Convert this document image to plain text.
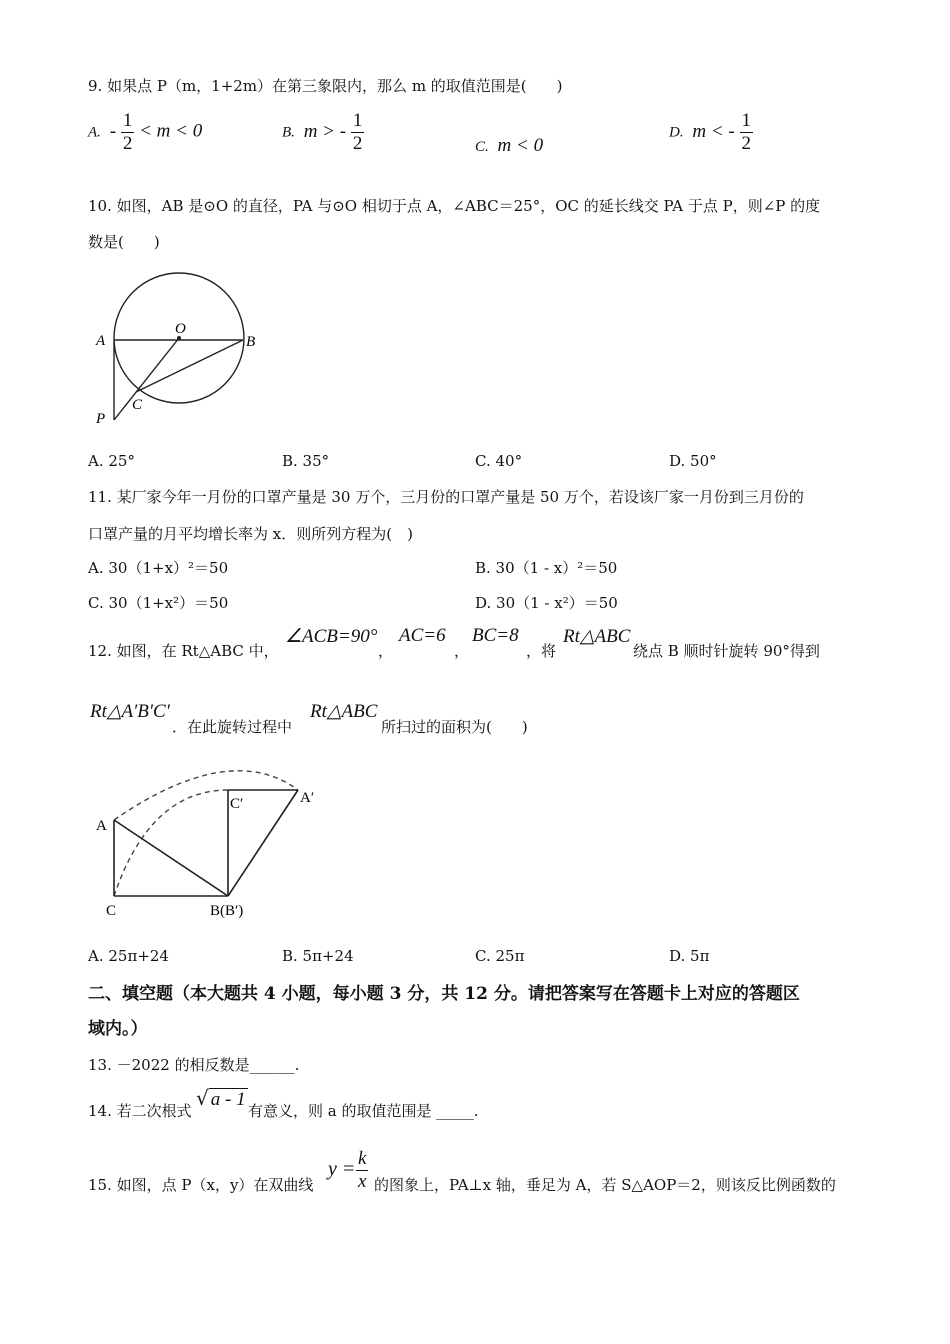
9. 如果点 P（m，1+2m）在第三象限内，那么 m 的取值范围是(　　)
A. - $\frac{1}{2} < m < 0$	B. m > - $\frac{1}{2}$	C. m < 0
D. m < - $\frac{1}{2}$
10. 如图，AB 是⊙O 的直径，PA 与⊙O 相切于点 A，∠ABC＝25°，OC 的延长线交 PA 于点 P，则∠P 的度
数是(　　)
A
O
B
C
P
A. 25°	B. 35°	C. 40°	D. 50°
11. 某厂家今年一月份的口罩产量是 30 万个，三月份的口罩产量是 50 万个，若设该厂家一月份到三月份的
口罩产量的月平均增长率为 x．则所列方程为(　)
A. 30（1+x）²＝50	B. 30（1 - x）²＝50
C. 30（1+x²）＝50	D. 30（1 - x²）＝50
12. 如图，在 Rt△ABC 中，
∠ACB=90°
，
AC=6
，
BC=8
，将
Rt△ABC
绕点 B 顺时针旋转 90°得到
Rt△A′B′C′
．在此旋转过程中
Rt△ABC
所扫过的面积为(　　)
A
C	B(B′)
C′	A′
A. 25π+24	B. 5π+24	C. 25π	D. 5π
二、填空题（本大题共 4 小题，每小题 3 分，共 12 分。请把答案写在答题卡上对应的答题区
域内。）
13. －2022 的相反数是______.
14. 若二次根式
√ a - 1
有意义，则 a 的取值范围是 _____.
15. 如图，点 P（x，y）在双曲线
$y = \frac{k}{x}$ 的图象上，PA⊥x 轴，垂足为 A，若 S△AOP＝2，则该反比例函数的
